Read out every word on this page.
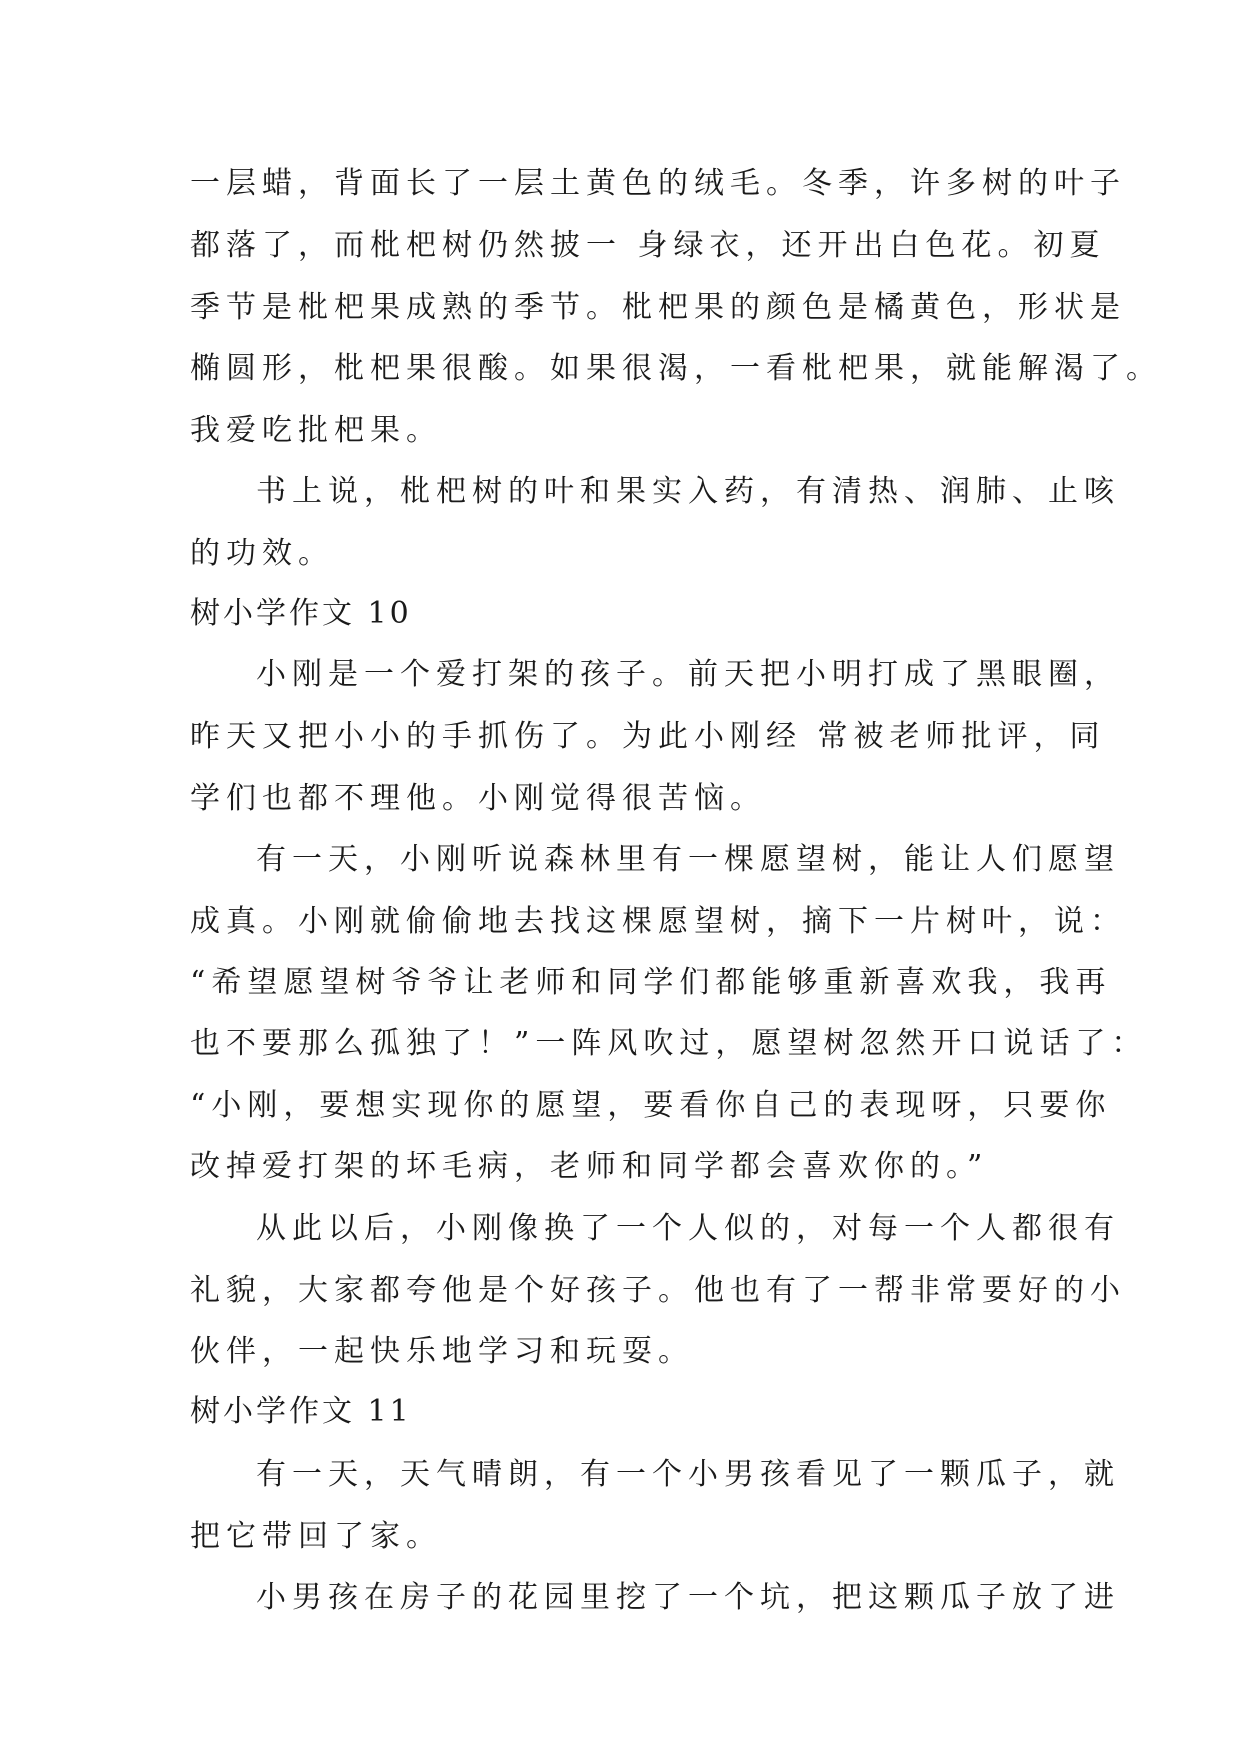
一层蜡，背面长了一层土黄色的绒毛。冬季，许多树的叶子
都落了，而枇杷树仍然披一 身绿衣，还开出白色花。初夏
季节是枇杷果成熟的季节。枇杷果的颜色是橘黄色，形状是
椭圆形，枇杷果很酸。如果很渴，一看枇杷果，就能解渴了。
我爱吃批杷果。
书上说，枇杷树的叶和果实入药，有清热、润肺、止咳
的功效。
树小学作文 10
小刚是一个爱打架的孩子。前天把小明打成了黑眼圈，
昨天又把小小的手抓伤了。为此小刚经 常被老师批评，同
学们也都不理他。小刚觉得很苦恼。
有一天，小刚听说森林里有一棵愿望树，能让人们愿望
成真。小刚就偷偷地去找这棵愿望树，摘下一片树叶，说：
“希望愿望树爷爷让老师和同学们都能够重新喜欢我，我再
也不要那么孤独了！”一阵风吹过，愿望树忽然开口说话了：
“小刚，要想实现你的愿望，要看你自己的表现呀，只要你
改掉爱打架的坏毛病，老师和同学都会喜欢你的。”
从此以后，小刚像换了一个人似的，对每一个人都很有
礼貌，大家都夸他是个好孩子。他也有了一帮非常要好的小
伙伴，一起快乐地学习和玩耍。
树小学作文 11
有一天，天气晴朗，有一个小男孩看见了一颗瓜子，就
把它带回了家。
小男孩在房子的花园里挖了一个坑，把这颗瓜子放了进
